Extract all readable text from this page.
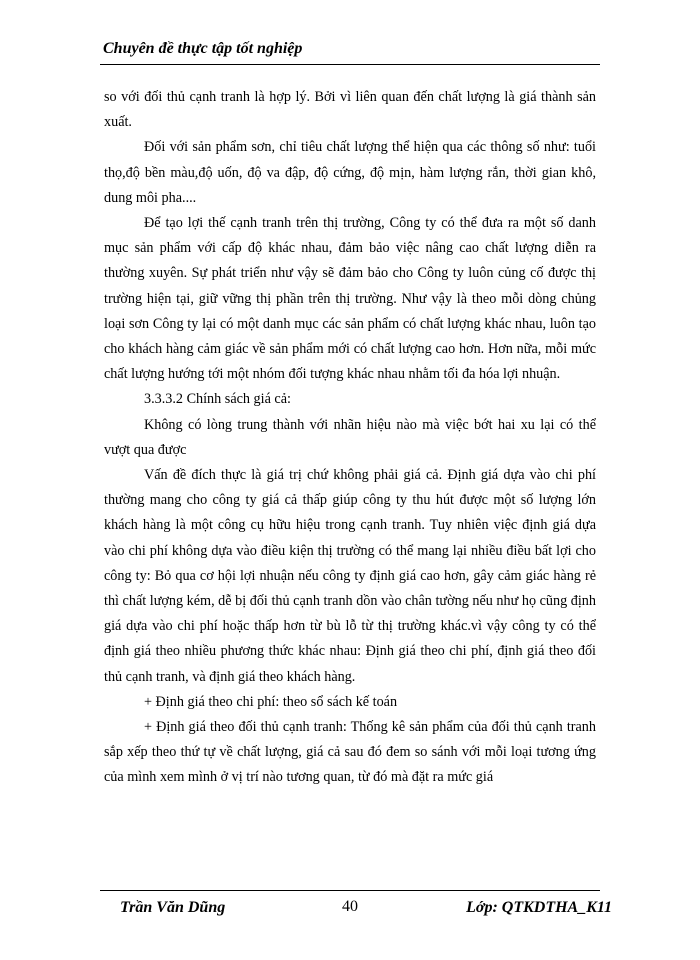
Chuyên đề thực tập tốt nghiệp

so với đối thủ cạnh tranh là hợp lý. Bởi vì liên quan đến chất lượng là giá thành sản xuất.

Đối với sản phẩm sơn, chỉ tiêu chất lượng thể hiện qua các thông số như: tuổi thọ,độ bền màu,độ uốn, độ va đập, độ cứng, độ mịn, hàm lượng rắn, thời gian khô, dung môi pha....

Để tạo lợi thế cạnh tranh trên thị trường, Công ty có thể đưa ra một số danh mục sản phẩm với cấp độ khác nhau, đảm bảo việc nâng cao chất lượng diễn ra thường xuyên. Sự phát triển như vậy sẽ đảm bảo cho Công ty luôn củng cố được thị trường hiện tại, giữ vững thị phần trên thị trường. Như vậy là theo mỗi dòng chủng loại sơn Công ty lại có một danh mục các sản phẩm có chất lượng khác nhau, luôn tạo cho khách hàng cảm giác về sản phẩm mới có chất lượng cao hơn. Hơn nữa, mỗi mức chất lượng hướng tới một nhóm đối tượng khác nhau nhằm tối đa hóa lợi nhuận.

3.3.3.2 Chính sách giá cả:

Không có lòng trung thành với nhãn hiệu nào mà việc bớt hai xu lại có thể vượt qua được

Vấn đề đích thực là giá trị chứ không phải giá cả. Định giá dựa vào chi phí thường mang cho công ty giá cả thấp giúp công ty thu hút được một số lượng lớn khách hàng là một công cụ hữu hiệu trong cạnh tranh. Tuy nhiên việc định giá dựa vào chi phí không dựa vào điều kiện thị trường có thể mang lại nhiều điều bất lợi cho công ty: Bỏ qua cơ hội lợi nhuận nếu công ty định giá cao hơn, gây cảm giác hàng rẻ thì chất lượng kém, dễ bị đối thủ cạnh tranh dồn vào chân tường nếu như họ cũng định giá dựa vào chi phí hoặc thấp hơn từ bù lỗ từ thị trường khác.vì vậy công ty có thể định giá theo nhiều phương thức khác nhau: Định giá theo chi phí, định giá theo đối thủ cạnh tranh, và định giá theo khách hàng.

+ Định giá theo chi phí: theo sổ sách kế toán

+ Định giá theo đối thủ cạnh tranh: Thống kê sản phẩm của đối thủ cạnh tranh sắp xếp theo thứ tự về chất lượng, giá cả sau đó đem so sánh với mỗi loại tương ứng của mình xem mình ở vị trí nào tương quan, từ đó mà đặt ra mức giá

Trần Văn Dũng	40	Lớp: QTKDTHA_K11
